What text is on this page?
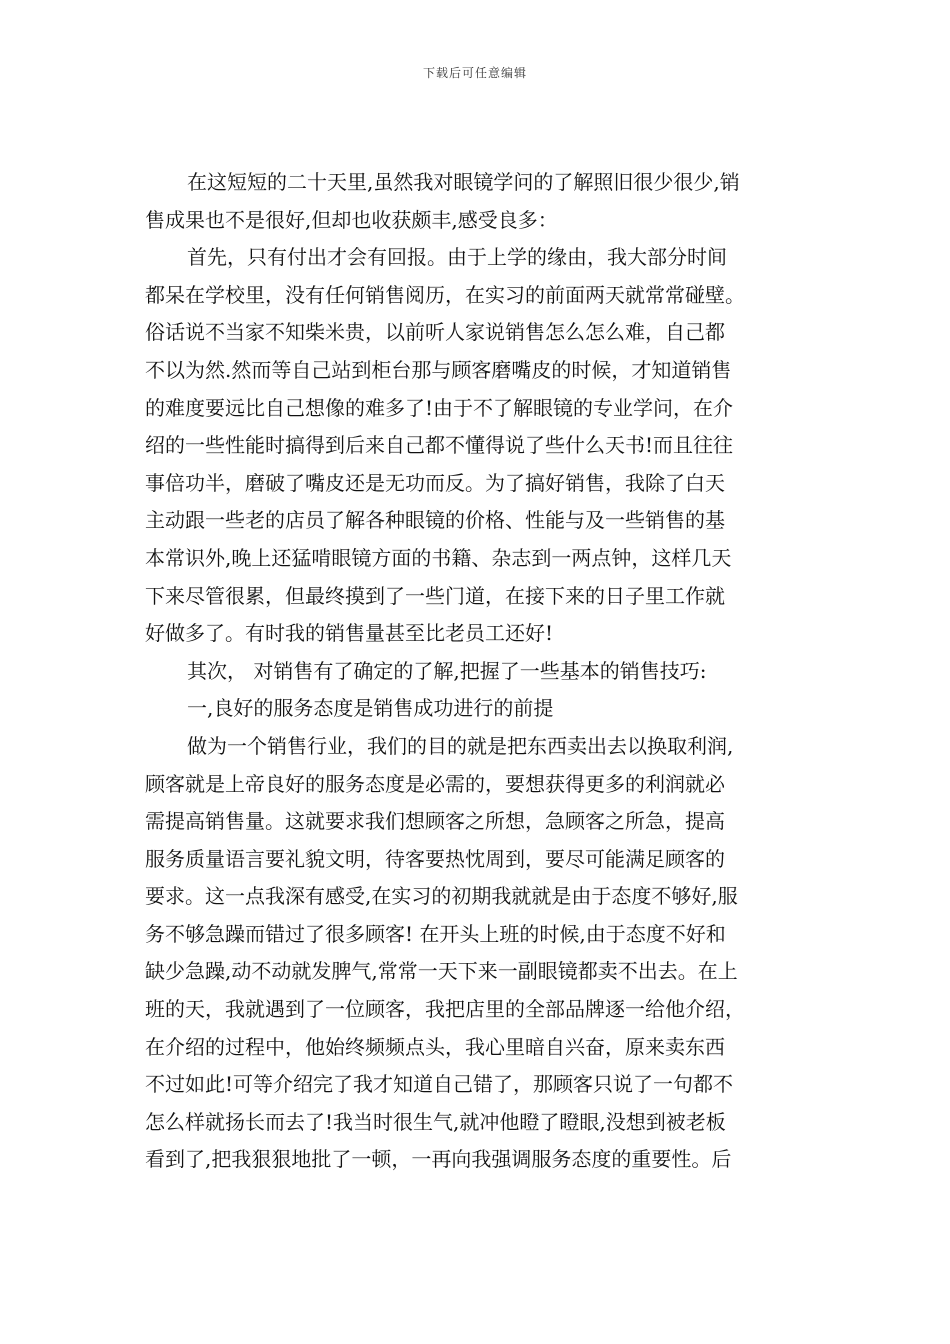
下载后可任意编辑
在这短短的二十天里,虽然我对眼镜学问的了解照旧很少很少,销
售成果也不是很好,但却也收获颇丰,感受良多：
首先，只有付出才会有回报。由于上学的缘由，我大部分时间
都呆在学校里，没有任何销售阅历，在实习的前面两天就常常碰壁。
俗话说不当家不知柴米贵，以前听人家说销售怎么怎么难，自己都
不以为然.然而等自己站到柜台那与顾客磨嘴皮的时候，才知道销售
的难度要远比自己想像的难多了!由于不了解眼镜的专业学问，在介
绍的一些性能时搞得到后来自己都不懂得说了些什么天书!而且往往
事倍功半，磨破了嘴皮还是无功而反。为了搞好销售，我除了白天
主动跟一些老的店员了解各种眼镜的价格、性能与及一些销售的基
本常识外,晚上还猛啃眼镜方面的书籍、杂志到一两点钟，这样几天
下来尽管很累，但最终摸到了一些门道，在接下来的日子里工作就
好做多了。有时我的销售量甚至比老员工还好!
其次， 对销售有了确定的了解,把握了一些基本的销售技巧:
一,良好的服务态度是销售成功进行的前提
做为一个销售行业，我们的目的就是把东西卖出去以换取利润,
顾客就是上帝良好的服务态度是必需的，要想获得更多的利润就必
需提高销售量。这就要求我们想顾客之所想，急顾客之所急，提高
服务质量语言要礼貌文明，待客要热忱周到，要尽可能满足顾客的
要求。这一点我深有感受,在实习的初期我就就是由于态度不够好,服
务不够急躁而错过了很多顾客! 在开头上班的时候,由于态度不好和
缺少急躁,动不动就发脾气,常常一天下来一副眼镜都卖不出去。在上
班的天，我就遇到了一位顾客，我把店里的全部品牌逐一给他介绍，
在介绍的过程中，他始终频频点头，我心里暗自兴奋，原来卖东西
不过如此!可等介绍完了我才知道自己错了，那顾客只说了一句都不
怎么样就扬长而去了!我当时很生气,就冲他瞪了瞪眼,没想到被老板
看到了,把我狠狠地批了一顿，一再向我强调服务态度的重要性。后
